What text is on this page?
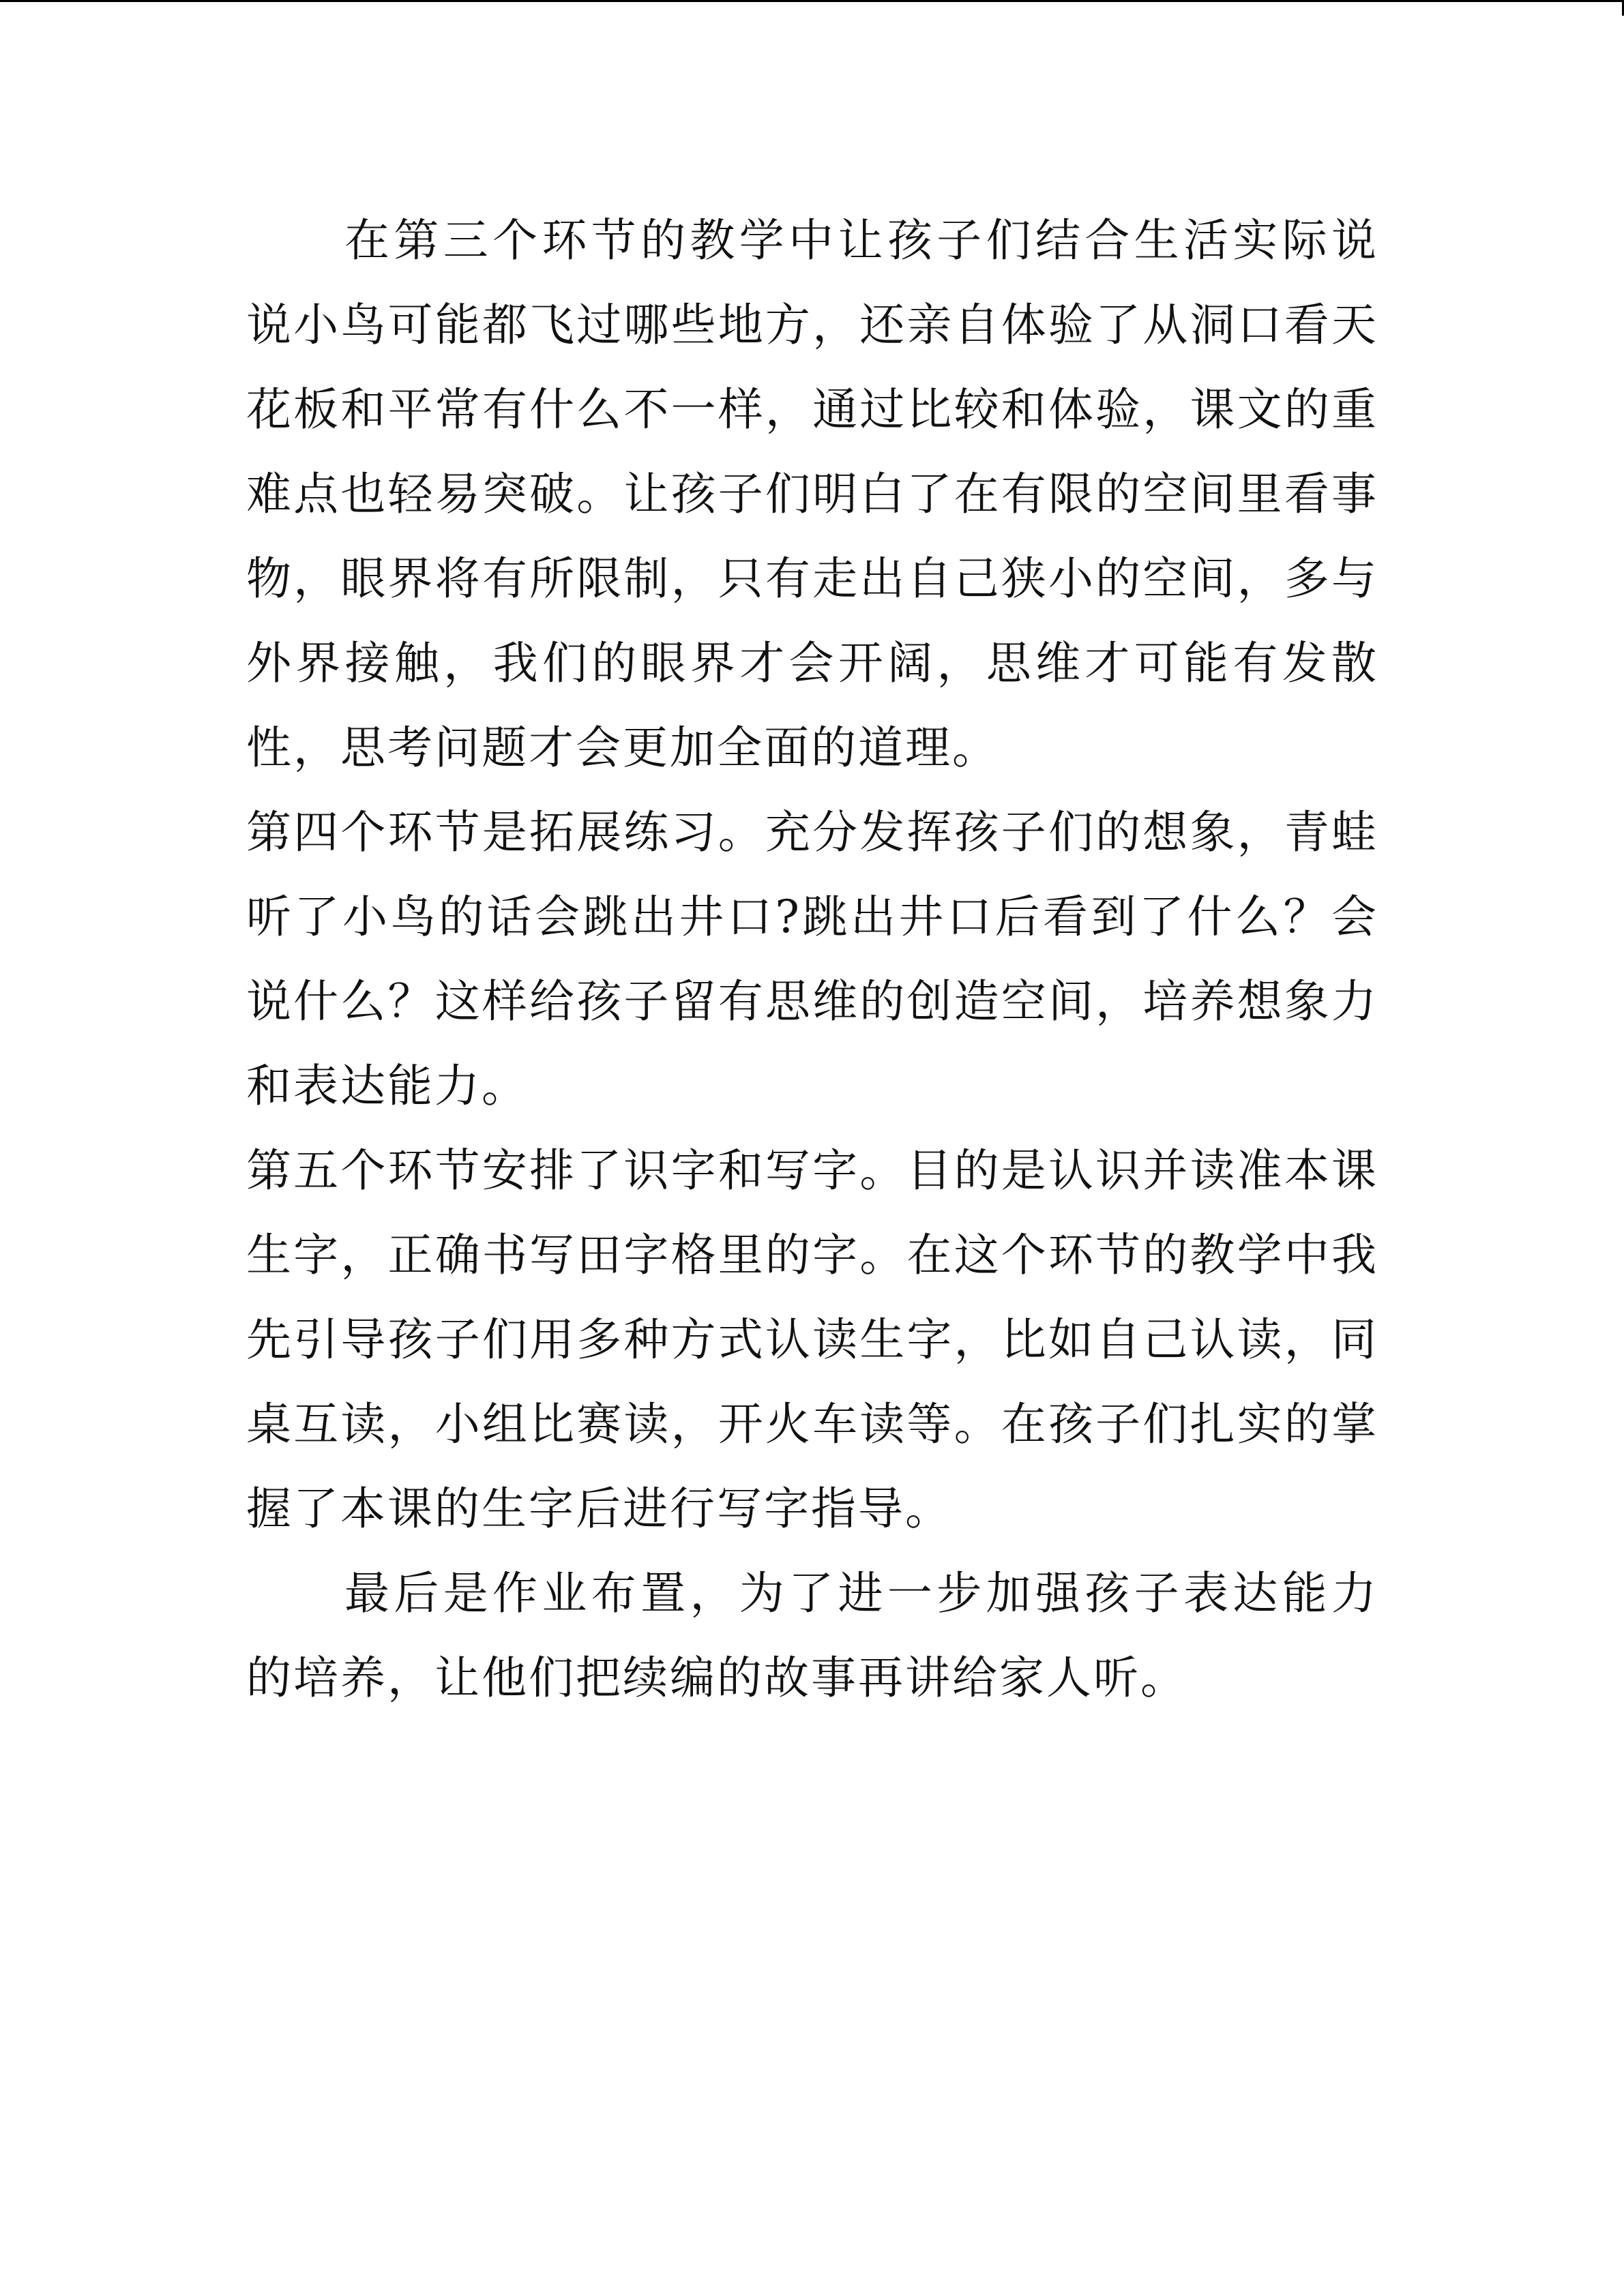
在第三个环节的教学中让孩子们结合生活实际说说小鸟可能都飞过哪些地方，还亲自体验了从洞口看天花板和平常有什么不一样，通过比较和体验，课文的重难点也轻易突破。让孩子们明白了在有限的空间里看事物，眼界将有所限制，只有走出自己狭小的空间，多与外界接触，我们的眼界才会开阔，思维才可能有发散性，思考问题才会更加全面的道理。

第四个环节是拓展练习。充分发挥孩子们的想象，青蛙听了小鸟的话会跳出井口?跳出井口后看到了什么？会说什么？这样给孩子留有思维的创造空间，培养想象力和表达能力。

第五个环节安排了识字和写字。目的是认识并读准本课生字，正确书写田字格里的字。在这个环节的教学中我先引导孩子们用多种方式认读生字，比如自己认读，同桌互读，小组比赛读，开火车读等。在孩子们扎实的掌握了本课的生字后进行写字指导。

最后是作业布置，为了进一步加强孩子表达能力的培养，让他们把续编的故事再讲给家人听。
